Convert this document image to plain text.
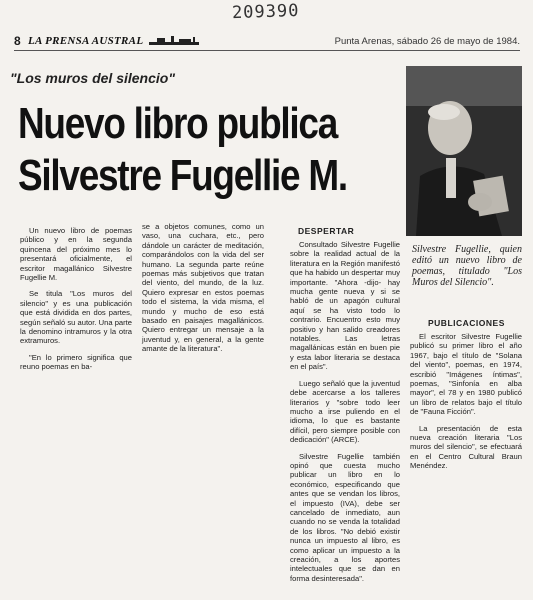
209390
8 LA PRENSA AUSTRAL	Punta Arenas, sábado 26 de mayo de 1984.
"Los muros del silencio"
Nuevo libro publica
Silvestre Fugellie M.
Silvestre Fugellie, quien editó un nuevo libro de poemas, titulado "Los Muros del Silencio".

Un nuevo libro de poemas público y en la segunda quincena del próximo mes lo presentará oficialmente, el escritor magallánico Silvestre Fugellie M.

Se titula "Los muros del silencio" y es una publicación que está dividida en dos partes, según señaló su autor. Una parte la denomino intramuros y la otra extramuros.

"En lo primero significa que reuno poemas en ba-

se a objetos comunes, como un vaso, una cuchara, etc., pero dándole un carácter de meditación, comparándolos con la vida del ser humano. La segunda parte reúne poemas más subjetivos que tratan del viento, del mundo, de la luz. Quiero expresar en estos poemas todo el sistema, la vida misma, el mundo y mucho de eso está basado en paisajes magallánicos. Quiero entregar un mensaje a la juventud y, en general, a la gente amante de la literatura".

DESPERTAR

Consultado Silvestre Fugellie sobre la realidad actual de la literatura en la Región manifestó que ha habido un despertar muy importante. "Ahora -dijo- hay mucha gente nueva y si se habló de un apagón cultural aquí se ha visto todo lo contrario. Encuentro esto muy positivo y han salido creadores notables. Las letras magallánicas están en buen pie y esta labor literaria se destaca en el país".

Luego señaló que la juventud debe acercarse a los talleres literarios y "sobre todo leer mucho a irse puliendo en el idioma, lo que es bastante difícil, pero siempre posible con dedicación" (ARCE).

Silvestre Fugellie también opinó que cuesta mucho publicar un libro en lo económico, especificando que antes que se vendan los libros, el impuesto (IVA), debe ser cancelado de inmediato, aun cuando no se venda la totalidad de los libros. "No debió existir nunca un impuesto al libro, es como aplicar un impuesto a la creación, a los aportes intelectuales que se dan en forma desinteresada".

PUBLICACIONES

El escritor Silvestre Fugellie publicó su primer libro el año 1967, bajo el título de "Solana del viento", poemas, en 1974, escribió "Imágenes íntimas", poemas, "Sinfonía en alba mayor", el 78 y en 1980 publicó un libro de relatos bajo el título de "Fauna Ficción".

La presentación de esta nueva creación literaria "Los muros del silencio", se efectuará en el Centro Cultural Braun Menéndez.
